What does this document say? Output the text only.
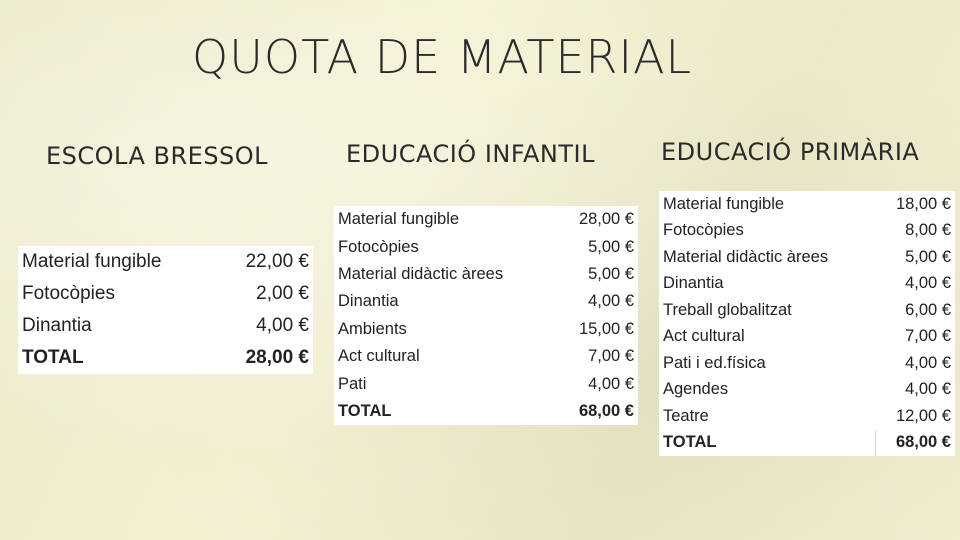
QUOTA DE MATERIAL
ESCOLA BRESSOL	EDUCACIÓ INFANTIL	EDUCACIÓ PRIMÀRIA
Material fungible	22,00 €
Fotocòpies	2,00 €
Dinantia	4,00 €
TOTAL	28,00 €
Material fungible	28,00 €
Fotocòpies	5,00 €
Material didàctic àrees	5,00 €
Dinantia	4,00 €
Ambients	15,00 €
Act cultural	7,00 €
Pati	4,00 €
TOTAL	68,00 €
Material fungible	18,00 €
Fotocòpies	8,00 €
Material didàctic àrees	5,00 €
Dinantia	4,00 €
Treball globalitzat	6,00 €
Act cultural	7,00 €
Pati i ed.física	4,00 €
Agendes	4,00 €
Teatre	12,00 €
TOTAL	68,00 €
